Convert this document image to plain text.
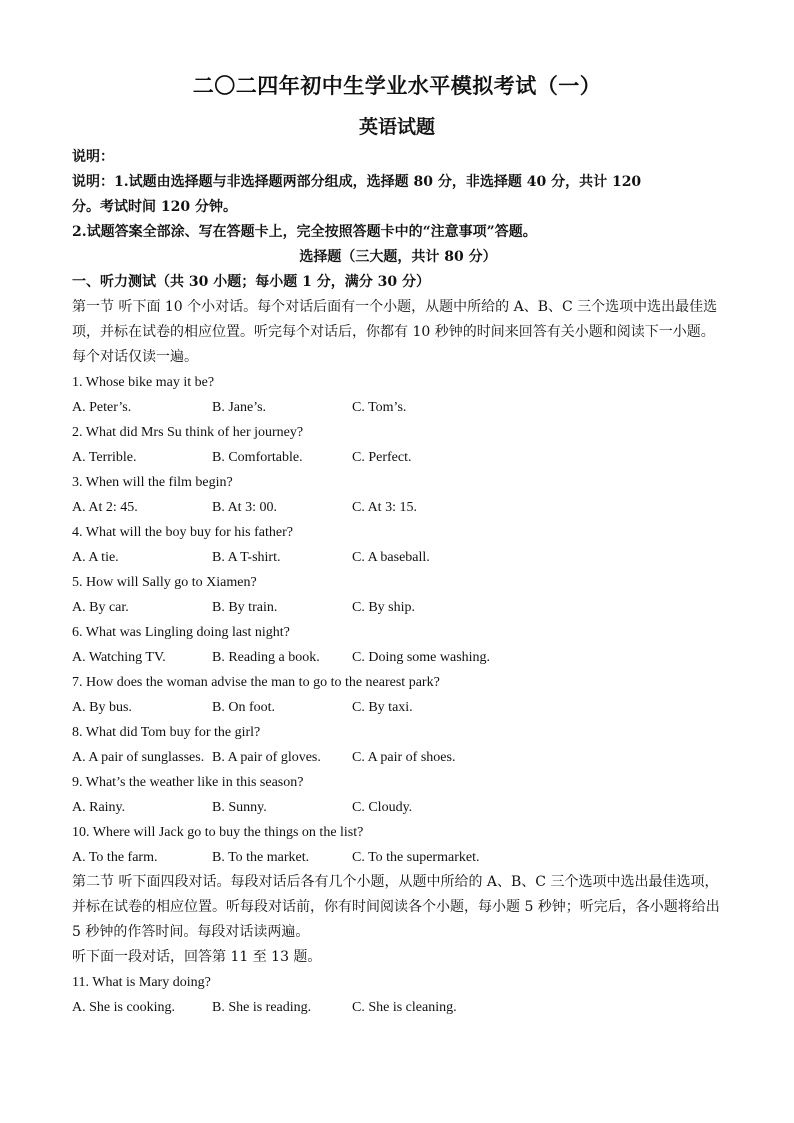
二〇二四年初中生学业水平模拟考试（一）
英语试题
说明：
说明：1.试题由选择题与非选择题两部分组成，选择题 80 分，非选择题 40 分，共计 120
分。考试时间 120 分钟。
2.试题答案全部涂、写在答题卡上，完全按照答题卡中的“注意事项”答题。
选择题（三大题，共计 80 分）
一、听力测试（共 30 小题；每小题 1 分，满分 30 分）
第一节 听下面 10 个小对话。每个对话后面有一个小题，从题中所给的 A、B、C 三个选项中选出最佳选
项，并标在试卷的相应位置。听完每个对话后，你都有 10 秒钟的时间来回答有关小题和阅读下一小题。
每个对话仅读一遍。
1. Whose bike may it be?
A. Peter’s.	B. Jane’s.	C. Tom’s.
2. What did Mrs Su think of her journey?
A. Terrible.	B. Comfortable.	C. Perfect.
3. When will the film begin?
A. At 2: 45.	B. At 3: 00.	C. At 3: 15.
4. What will the boy buy for his father?
A. A tie.	B. A T-shirt.	C. A baseball.
5. How will Sally go to Xiamen?
A. By car.	B. By train.	C. By ship.
6. What was Lingling doing last night?
A. Watching TV.	B. Reading a book.	C. Doing some washing.
7. How does the woman advise the man to go to the nearest park?
A. By bus.	B. On foot.	C. By taxi.
8. What did Tom buy for the girl?
A. A pair of sunglasses. B. A pair of gloves.	C. A pair of shoes.
9. What’s the weather like in this season?
A. Rainy.	B. Sunny.	C. Cloudy.
10. Where will Jack go to buy the things on the list?
A. To the farm.	B. To the market.	C. To the supermarket.
第二节 听下面四段对话。每段对话后各有几个小题，从题中所给的 A、B、C 三个选项中选出最佳选项，
并标在试卷的相应位置。听每段对话前，你有时间阅读各个小题，每小题 5 秒钟；听完后，各小题将给出
5 秒钟的作答时间。每段对话读两遍。
听下面一段对话，回答第 11 至 13 题。
11. What is Mary doing?
A. She is cooking.	B. She is reading.	C. She is cleaning.
